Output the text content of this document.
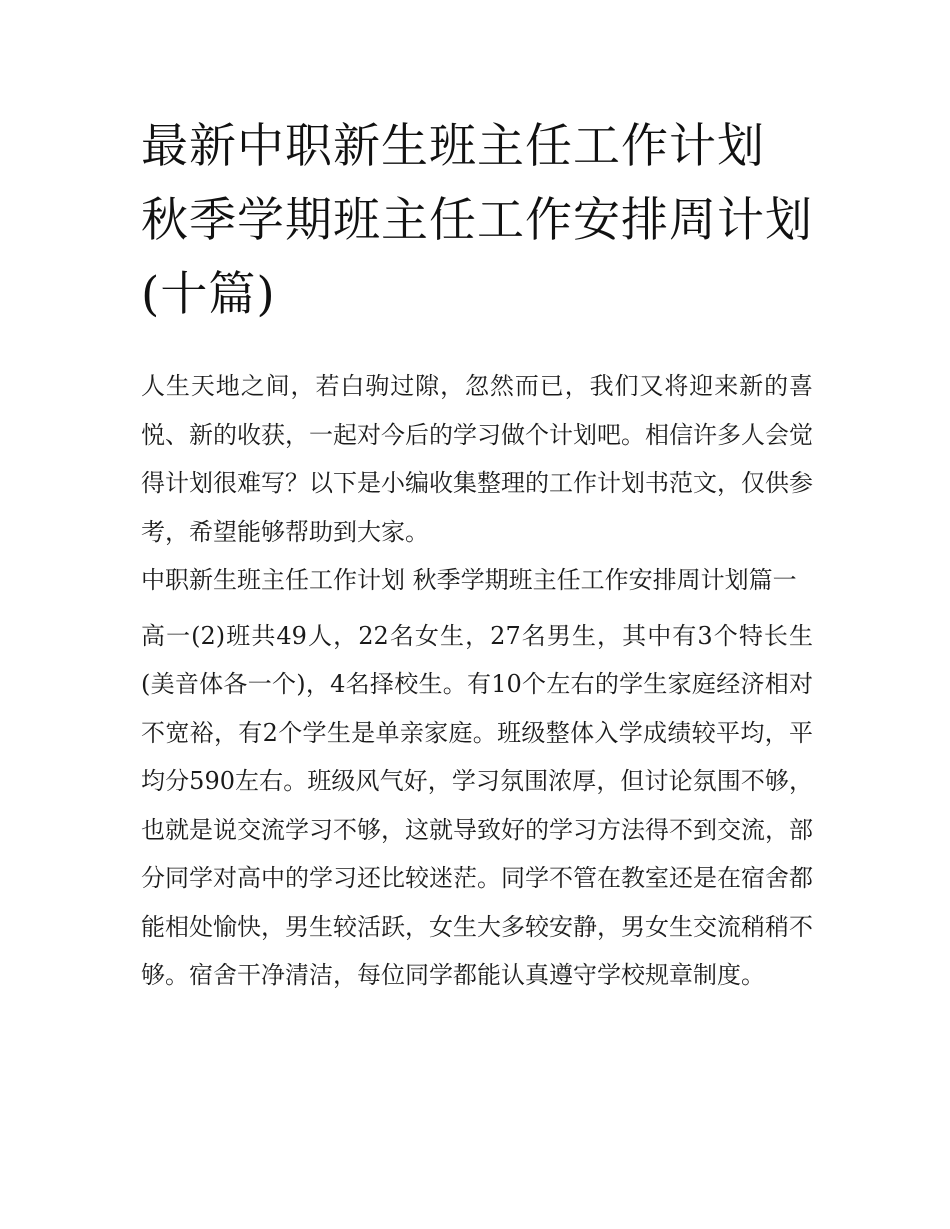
最新中职新生班主任工作计划 秋季学期班主任工作安排周计划(十篇)

人生天地之间，若白驹过隙，忽然而已，我们又将迎来新的喜悦、新的收获，一起对今后的学习做个计划吧。相信许多人会觉得计划很难写？以下是小编收集整理的工作计划书范文，仅供参考，希望能够帮助到大家。

中职新生班主任工作计划 秋季学期班主任工作安排周计划篇一

高一(2)班共49人，22名女生，27名男生，其中有3个特长生(美音体各一个)，4名择校生。有10个左右的学生家庭经济相对不宽裕，有2个学生是单亲家庭。班级整体入学成绩较平均，平均分590左右。班级风气好，学习氛围浓厚，但讨论氛围不够，也就是说交流学习不够，这就导致好的学习方法得不到交流，部分同学对高中的学习还比较迷茫。同学不管在教室还是在宿舍都能相处愉快，男生较活跃，女生大多较安静，男女生交流稍稍不够。宿舍干净清洁，每位同学都能认真遵守学校规章制度。
